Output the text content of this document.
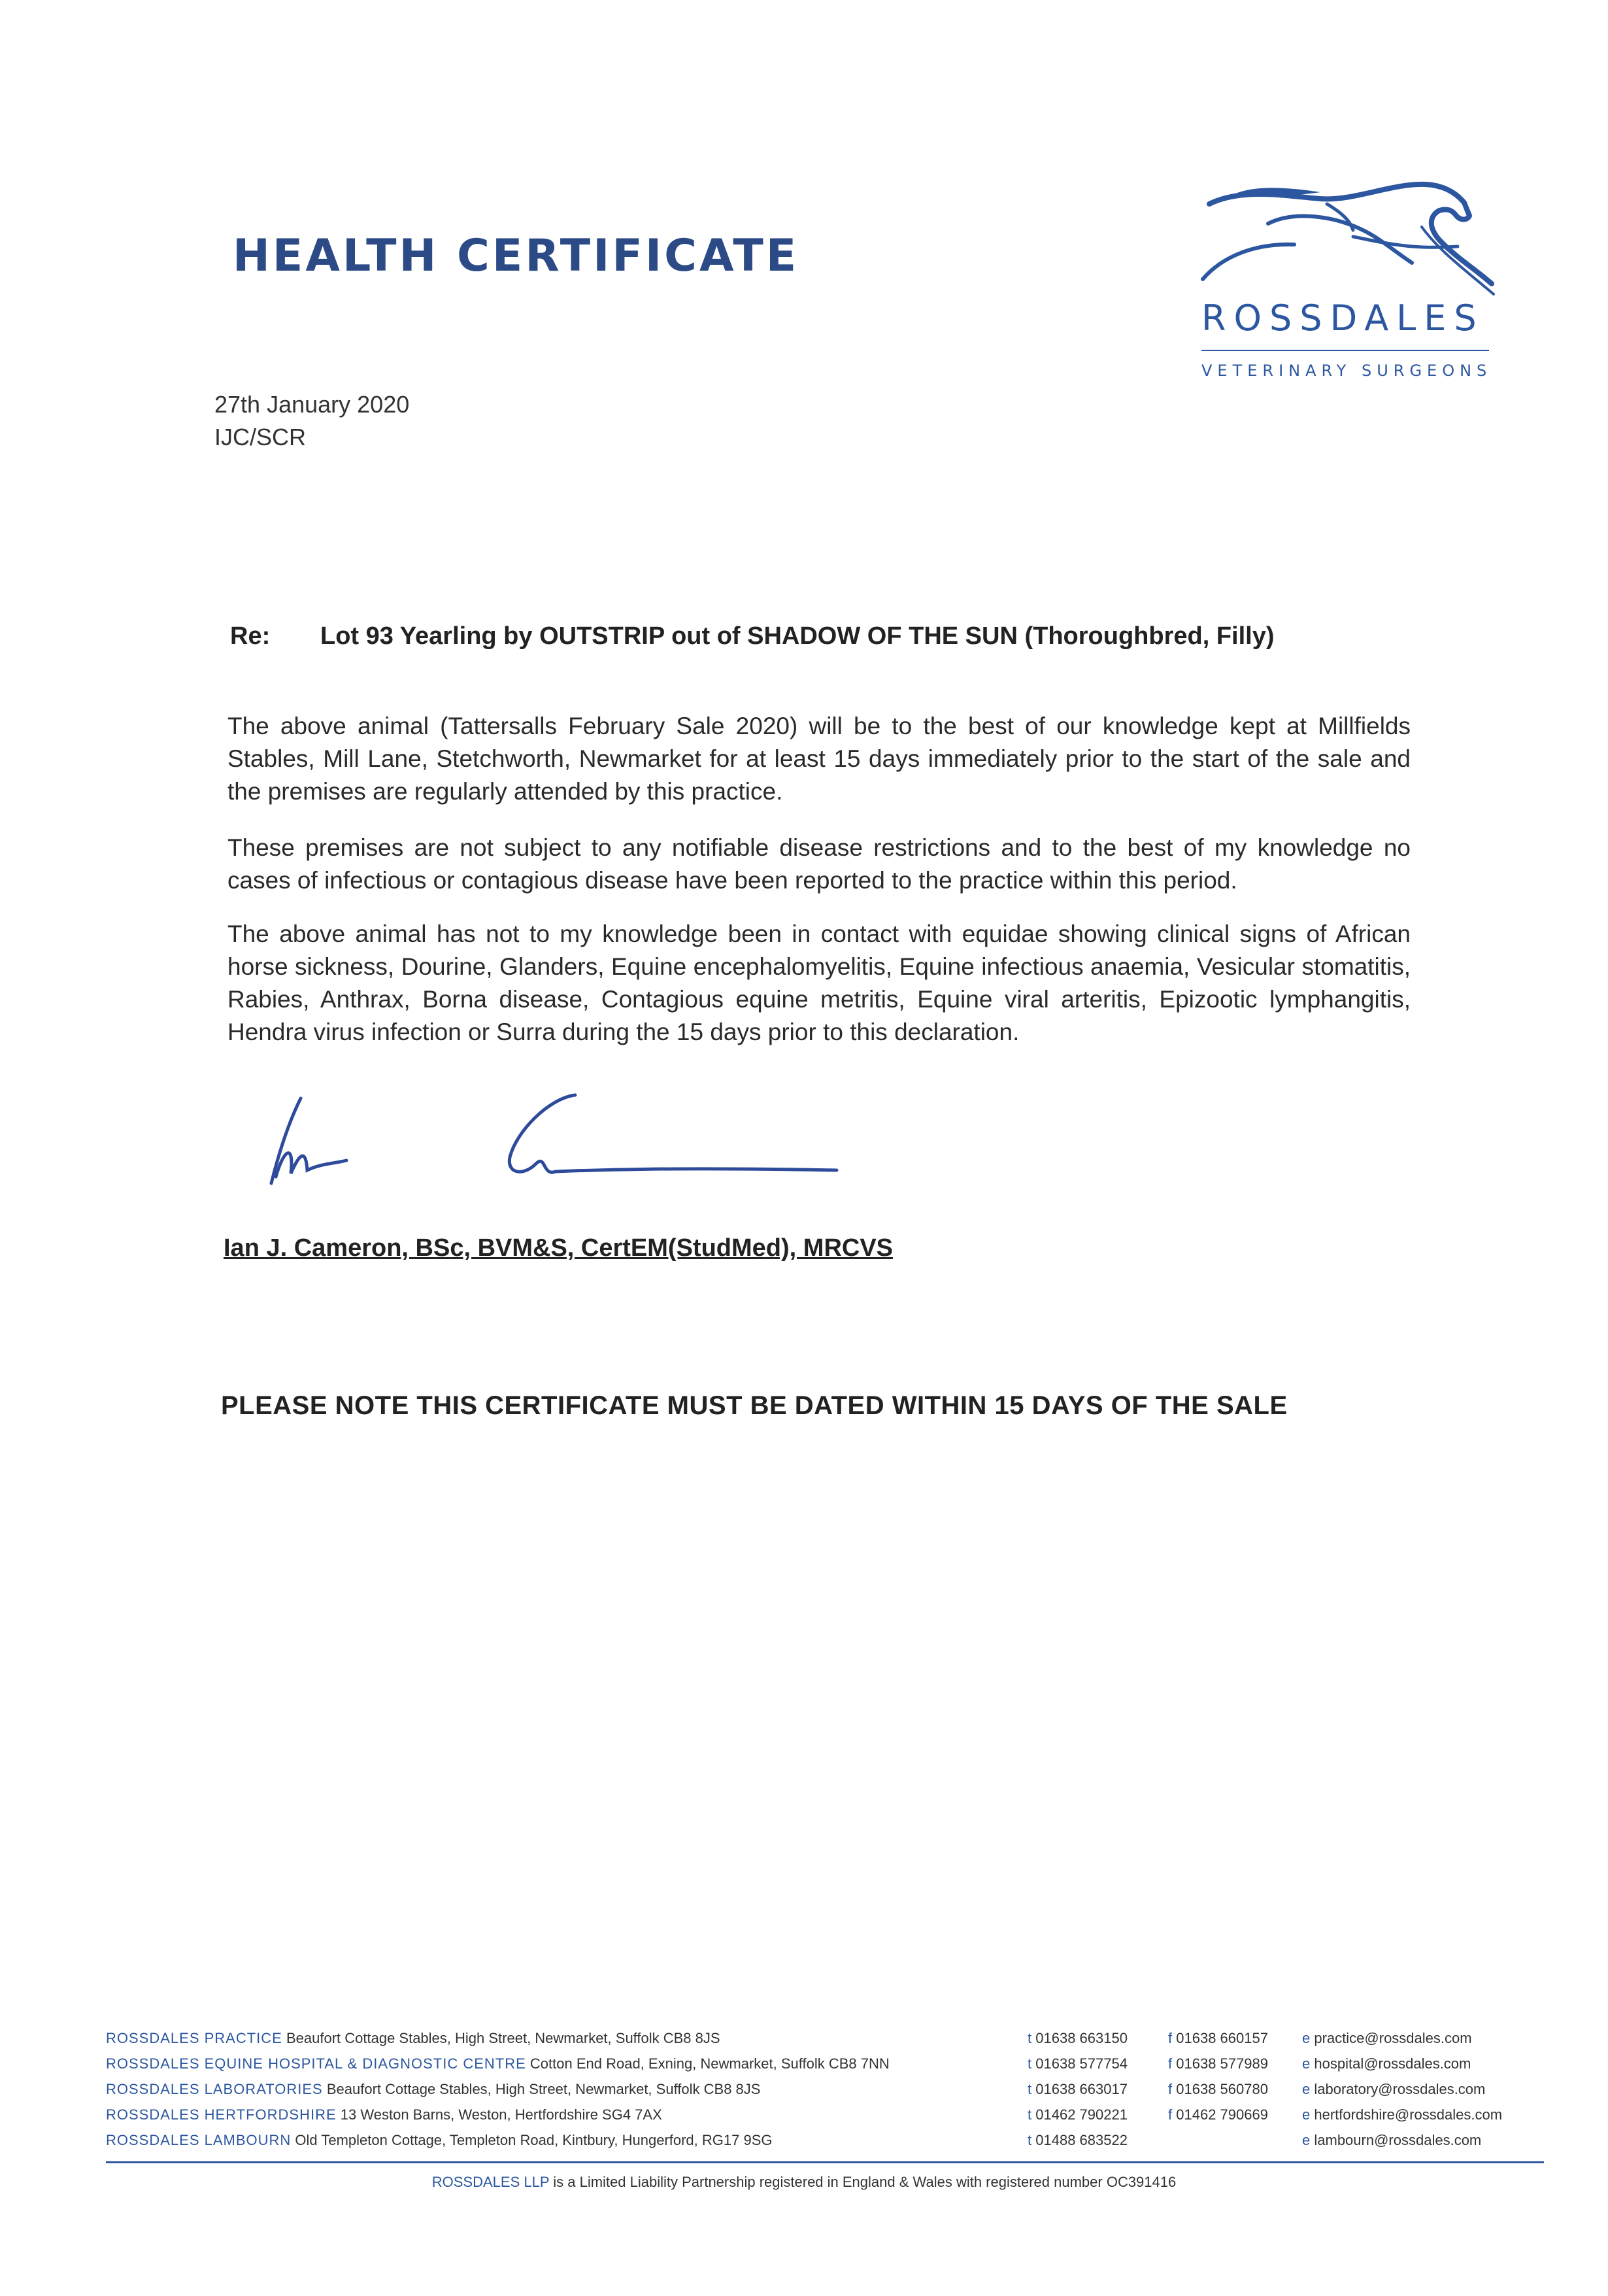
HEALTH CERTIFICATE
ROSSDALES
VETERINARY SURGEONS
27th January 2020
IJC/SCR
Re: Lot 93 Yearling by OUTSTRIP out of SHADOW OF THE SUN (Thoroughbred, Filly)
The above animal (Tattersalls February Sale 2020) will be to the best of our knowledge kept at Millfields Stables, Mill Lane, Stetchworth, Newmarket for at least 15 days immediately prior to the start of the sale and the premises are regularly attended by this practice.
These premises are not subject to any notifiable disease restrictions and to the best of my knowledge no cases of infectious or contagious disease have been reported to the practice within this period.
The above animal has not to my knowledge been in contact with equidae showing clinical signs of African horse sickness, Dourine, Glanders, Equine encephalomyelitis, Equine infectious anaemia, Vesicular stomatitis, Rabies, Anthrax, Borna disease, Contagious equine metritis, Equine viral arteritis, Epizootic lymphangitis, Hendra virus infection or Surra during the 15 days prior to this declaration.
Ian J. Cameron, BSc, BVM&S, CertEM(StudMed), MRCVS
PLEASE NOTE THIS CERTIFICATE MUST BE DATED WITHIN 15 DAYS OF THE SALE
ROSSDALES PRACTICE Beaufort Cottage Stables, High Street, Newmarket, Suffolk CB8 8JS	t 01638 663150	f 01638 660157 e practice@rossdales.com
ROSSDALES EQUINE HOSPITAL & DIAGNOSTIC CENTRE Cotton End Road, Exning, Newmarket, Suffolk CB8 7NN	t 01638 577754	f 01638 577989 e hospital@rossdales.com
ROSSDALES LABORATORIES Beaufort Cottage Stables, High Street, Newmarket, Suffolk CB8 8JS	t 01638 663017	f 01638 560780 e laboratory@rossdales.com
ROSSDALES HERTFORDSHIRE 13 Weston Barns, Weston, Hertfordshire SG4 7AX	t 01462 790221	f 01462 790669 e hertfordshire@rossdales.com
ROSSDALES LAMBOURN Old Templeton Cottage, Templeton Road, Kintbury, Hungerford, RG17 9SG	t 01488 683522	e lambourn@rossdales.com
ROSSDALES LLP is a Limited Liability Partnership registered in England & Wales with registered number OC391416
